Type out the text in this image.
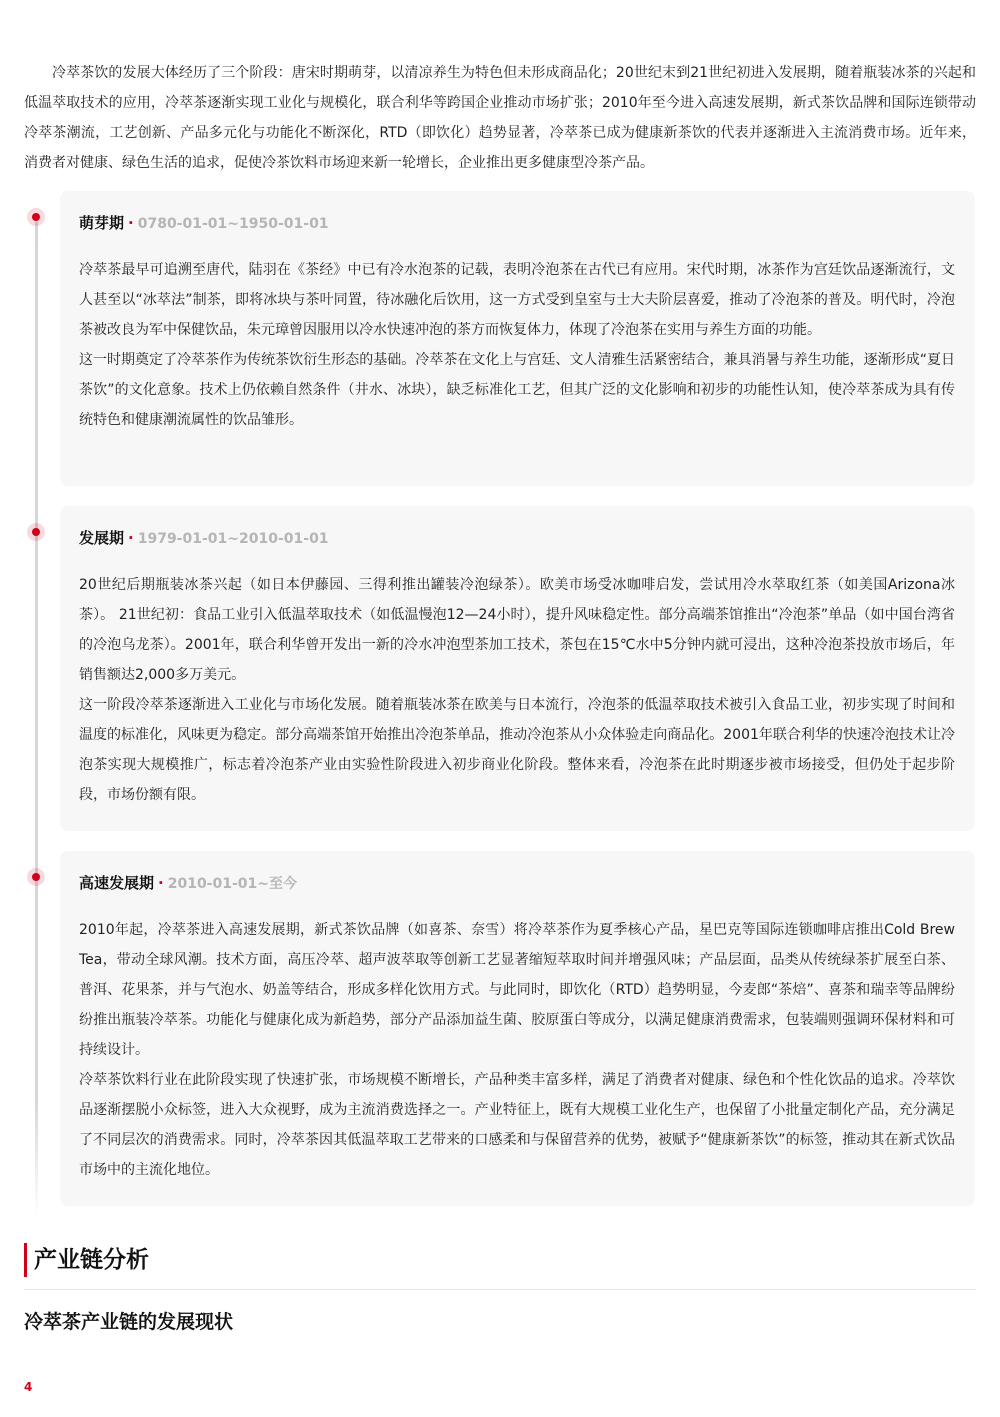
冷萃茶饮的发展大体经历了三个阶段：唐宋时期萌芽，以清凉养生为特色但未形成商品化；20世纪末到21世纪初进入发展期，随着瓶装冰茶的兴起和低温萃取技术的应用，冷萃茶逐渐实现工业化与规模化，联合利华等跨国企业推动市场扩张；2010年至今进入高速发展期，新式茶饮品牌和国际连锁带动冷萃茶潮流，工艺创新、产品多元化与功能化不断深化，RTD（即饮化）趋势显著，冷萃茶已成为健康新茶饮的代表并逐渐进入主流消费市场。近年来，消费者对健康、绿色生活的追求，促使冷茶饮料市场迎来新一轮增长，企业推出更多健康型冷茶产品。

萌芽期 · 0780-01-01~1950-01-01

冷萃茶最早可追溯至唐代，陆羽在《茶经》中已有冷水泡茶的记载，表明冷泡茶在古代已有应用。宋代时期，冰茶作为宫廷饮品逐渐流行，文人甚至以“冰萃法”制茶，即将冰块与茶叶同置，待冰融化后饮用，这一方式受到皇室与士大夫阶层喜爱，推动了冷泡茶的普及。明代时，冷泡茶被改良为军中保健饮品，朱元璋曾因服用以冷水快速冲泡的茶方而恢复体力，体现了冷泡茶在实用与养生方面的功能。

这一时期奠定了冷萃茶作为传统茶饮衍生形态的基础。冷萃茶在文化上与宫廷、文人清雅生活紧密结合，兼具消暑与养生功能，逐渐形成“夏日茶饮”的文化意象。技术上仍依赖自然条件（井水、冰块），缺乏标准化工艺，但其广泛的文化影响和初步的功能性认知，使冷萃茶成为具有传统特色和健康潮流属性的饮品雏形。

发展期 · 1979-01-01~2010-01-01

20世纪后期瓶装冰茶兴起（如日本伊藤园、三得利推出罐装冷泡绿茶）。欧美市场受冰咖啡启发，尝试用冷水萃取红茶（如美国Arizona冰茶）。 21世纪初：食品工业引入低温萃取技术（如低温慢泡12—24小时），提升风味稳定性。部分高端茶馆推出“冷泡茶”单品（如中国台湾省的冷泡乌龙茶）。2001年，联合利华曾开发出一新的冷水冲泡型茶加工技术，茶包在15℃水中5分钟内就可浸出，这种冷泡茶投放市场后，年销售额达2,000多万美元。

这一阶段冷萃茶逐渐进入工业化与市场化发展。随着瓶装冰茶在欧美与日本流行，冷泡茶的低温萃取技术被引入食品工业，初步实现了时间和温度的标准化，风味更为稳定。部分高端茶馆开始推出冷泡茶单品，推动冷泡茶从小众体验走向商品化。2001年联合利华的快速冷泡技术让冷泡茶实现大规模推广，标志着冷泡茶产业由实验性阶段进入初步商业化阶段。整体来看，冷泡茶在此时期逐步被市场接受，但仍处于起步阶段，市场份额有限。

高速发展期 · 2010-01-01~至今

2010年起，冷萃茶进入高速发展期，新式茶饮品牌（如喜茶、奈雪）将冷萃茶作为夏季核心产品，星巴克等国际连锁咖啡店推出Cold Brew Tea，带动全球风潮。技术方面，高压冷萃、超声波萃取等创新工艺显著缩短萃取时间并增强风味；产品层面，品类从传统绿茶扩展至白茶、普洱、花果茶，并与气泡水、奶盖等结合，形成多样化饮用方式。与此同时，即饮化（RTD）趋势明显，今麦郎“茶焙”、喜茶和瑞幸等品牌纷纷推出瓶装冷萃茶。功能化与健康化成为新趋势，部分产品添加益生菌、胶原蛋白等成分，以满足健康消费需求，包装端则强调环保材料和可持续设计。

冷萃茶饮料行业在此阶段实现了快速扩张，市场规模不断增长，产品种类丰富多样，满足了消费者对健康、绿色和个性化饮品的追求。冷萃饮品逐渐摆脱小众标签，进入大众视野，成为主流消费选择之一。产业特征上，既有大规模工业化生产，也保留了小批量定制化产品，充分满足了不同层次的消费需求。同时，冷萃茶因其低温萃取工艺带来的口感柔和与保留营养的优势，被赋予“健康新茶饮”的标签，推动其在新式饮品市场中的主流化地位。

产业链分析
冷萃茶产业链的发展现状
4
